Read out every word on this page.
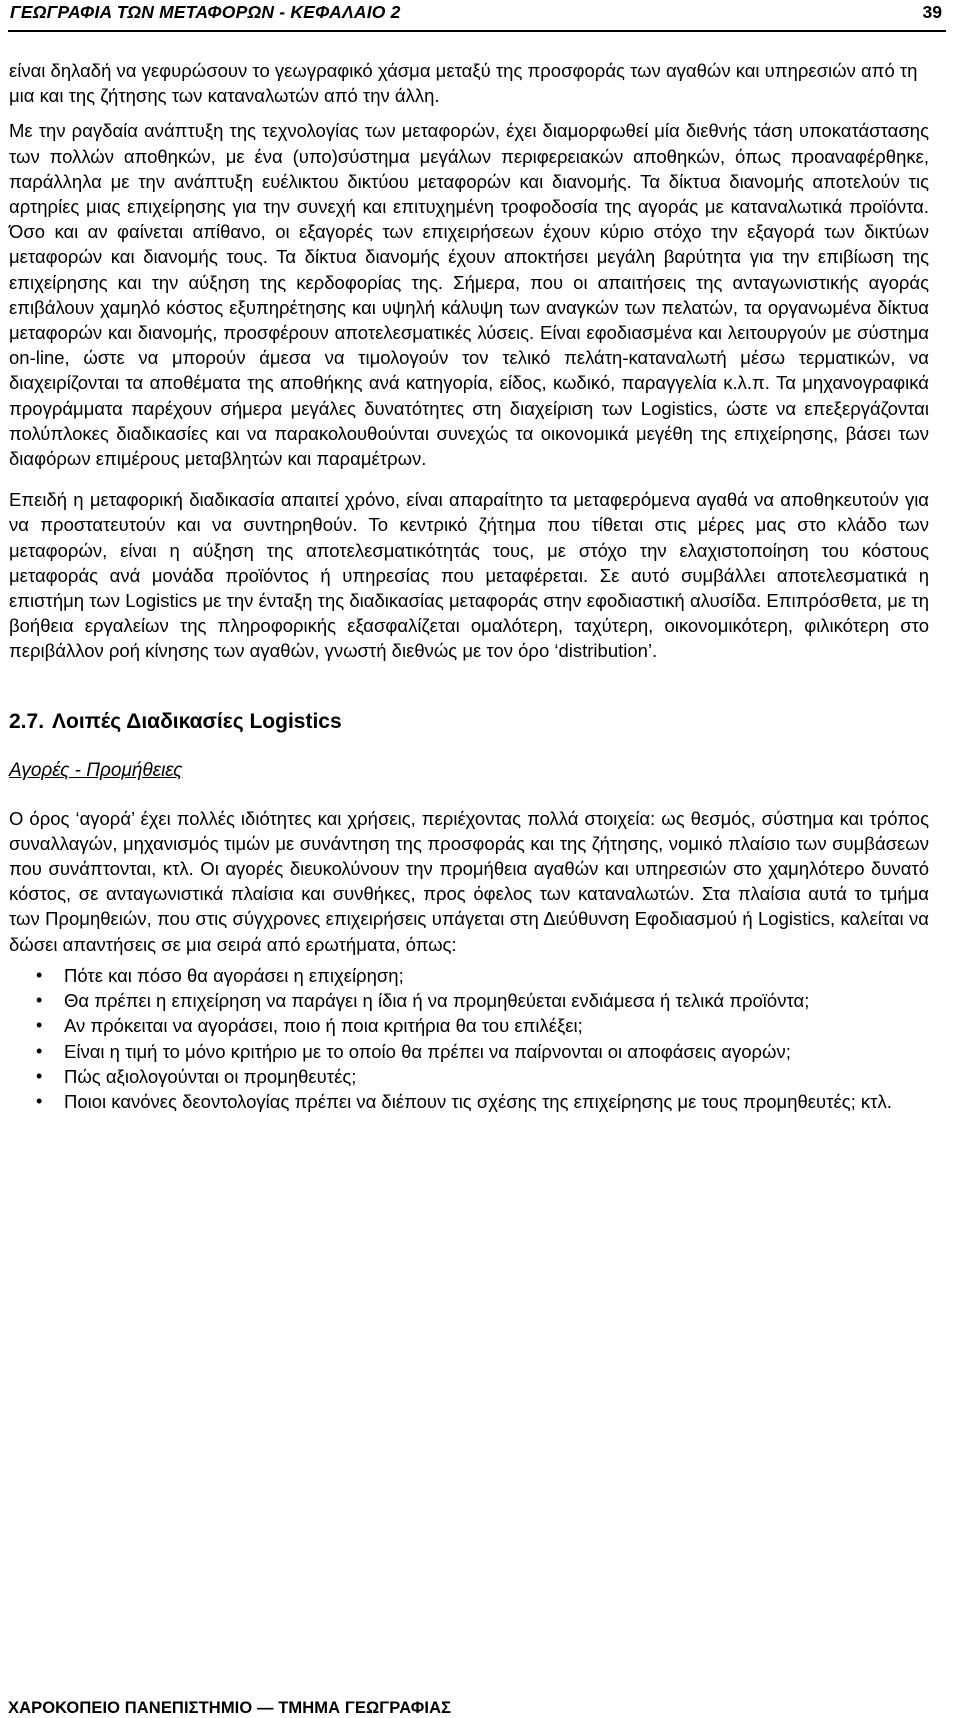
ΓΕΩΓΡΑΦΙΑ ΤΩΝ ΜΕΤΑΦΟΡΩΝ - ΚΕΦΑΛΑΙΟ 2	39

είναι δηλαδή να γεφυρώσουν το γεωγραφικό χάσμα μεταξύ της προσφοράς των αγαθών και υπηρεσιών από τη μια και της ζήτησης των καταναλωτών από την άλλη.

Με την ραγδαία ανάπτυξη της τεχνολογίας των μεταφορών, έχει διαμορφωθεί μία διεθνής τάση υποκατάστασης των πολλών αποθηκών, με ένα (υπο)σύστημα μεγάλων περιφερειακών αποθηκών, όπως προαναφέρθηκε, παράλληλα με την ανάπτυξη ευέλικτου δικτύου μεταφορών και διανομής. Τα δίκτυα διανομής αποτελούν τις αρτηρίες μιας επιχείρησης για την συνεχή και επιτυχημένη τροφοδοσία της αγοράς με καταναλωτικά προϊόντα. Όσο και αν φαίνεται απίθανο, οι εξαγορές των επιχειρήσεων έχουν κύριο στόχο την εξαγορά των δικτύων μεταφορών και διανομής τους. Τα δίκτυα διανομής έχουν αποκτήσει μεγάλη βαρύτητα για την επιβίωση της επιχείρησης και την αύξηση της κερδοφορίας της. Σήμερα, που οι απαιτήσεις της ανταγωνιστικής αγοράς επιβάλουν χαμηλό κόστος εξυπηρέτησης και υψηλή κάλυψη των αναγκών των πελατών, τα οργανωμένα δίκτυα μεταφορών και διανομής, προσφέρουν αποτελεσματικές λύσεις. Είναι εφοδιασμένα και λειτουργούν με σύστημα on-line, ώστε να μπορούν άμεσα να τιμολογούν τον τελικό πελάτη-καταναλωτή μέσω τερματικών, να διαχειρίζονται τα αποθέματα της αποθήκης ανά κατηγορία, είδος, κωδικό, παραγγελία κ.λ.π. Τα μηχανογραφικά προγράμματα παρέχουν σήμερα μεγάλες δυνατότητες στη διαχείριση των Logistics, ώστε να επεξεργάζονται πολύπλοκες διαδικασίες και να παρακολουθούνται συνεχώς τα οικονομικά μεγέθη της επιχείρησης, βάσει των διαφόρων επιμέρους μεταβλητών και παραμέτρων.

Επειδή η μεταφορική διαδικασία απαιτεί χρόνο, είναι απαραίτητο τα μεταφερόμενα αγαθά να αποθηκευτούν για να προστατευτούν και να συντηρηθούν. Το κεντρικό ζήτημα που τίθεται στις μέρες μας στο κλάδο των μεταφορών, είναι η αύξηση της αποτελεσματικότητάς τους, με στόχο την ελαχιστοποίηση του κόστους μεταφοράς ανά μονάδα προϊόντος ή υπηρεσίας που μεταφέρεται. Σε αυτό συμβάλλει αποτελεσματικά η επιστήμη των Logistics με την ένταξη της διαδικασίας μεταφοράς στην εφοδιαστική αλυσίδα. Επιπρόσθετα, με τη βοήθεια εργαλείων της πληροφορικής εξασφαλίζεται ομαλότερη, ταχύτερη, οικονομικότερη, φιλικότερη στο περιβάλλον ροή κίνησης των αγαθών, γνωστή διεθνώς με τον όρο ‘distribution’.

2.7. Λοιπές Διαδικασίες Logistics
Αγορές - Προμήθειες

Ο όρος ‘αγορά’ έχει πολλές ιδιότητες και χρήσεις, περιέχοντας πολλά στοιχεία: ως θεσμός, σύστημα και τρόπος συναλλαγών, μηχανισμός τιμών με συνάντηση της προσφοράς και της ζήτησης, νομικό πλαίσιο των συμβάσεων που συνάπτονται, κτλ. Οι αγορές διευκολύνουν την προμήθεια αγαθών και υπηρεσιών στο χαμηλότερο δυνατό κόστος, σε ανταγωνιστικά πλαίσια και συνθήκες, προς όφελος των καταναλωτών. Στα πλαίσια αυτά το τμήμα των Προμηθειών, που στις σύγχρονες επιχειρήσεις υπάγεται στη Διεύθυνση Εφοδιασμού ή Logistics, καλείται να δώσει απαντήσεις σε μια σειρά από ερωτήματα, όπως:

• Πότε και πόσο θα αγοράσει η επιχείρηση;
• Θα πρέπει η επιχείρηση να παράγει η ίδια ή να προμηθεύεται ενδιάμεσα ή τελικά προϊόντα;
• Αν πρόκειται να αγοράσει, ποιο ή ποια κριτήρια θα του επιλέξει;
• Είναι η τιμή το μόνο κριτήριο με το οποίο θα πρέπει να παίρνονται οι αποφάσεις αγορών;
• Πώς αξιολογούνται οι προμηθευτές;
• Ποιοι κανόνες δεοντολογίας πρέπει να διέπουν τις σχέσης της επιχείρησης με τους προμηθευτές; κτλ.
ΧΑΡΟΚΟΠΕΙΟ ΠΑΝΕΠΙΣΤΗΜΙΟ — ΤΜΗΜΑ ΓΕΩΓΡΑΦΙΑΣ
